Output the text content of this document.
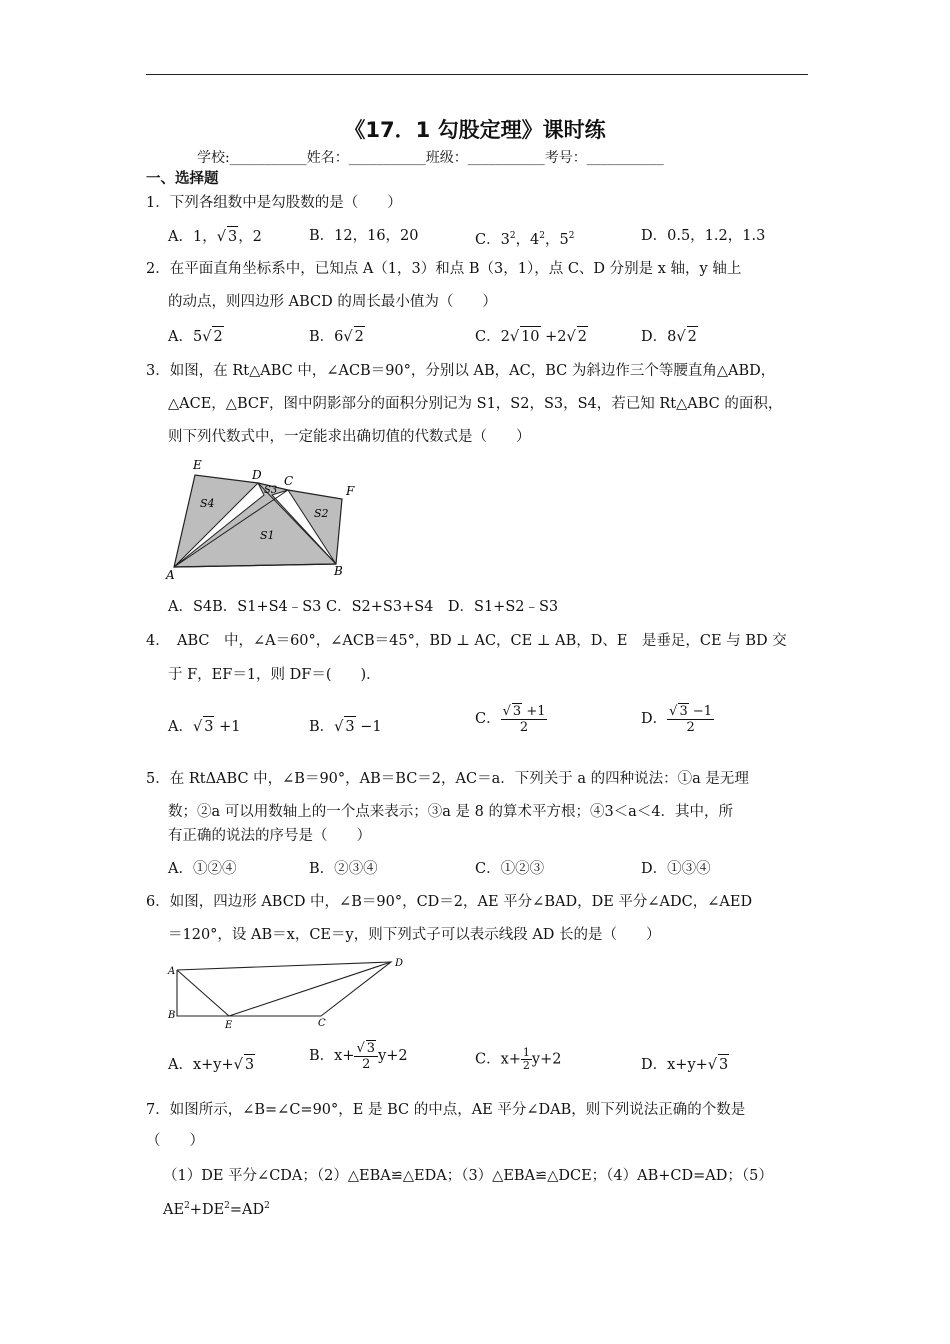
《17．1 勾股定理》课时练
学校:___________姓名：___________班级：___________考号：___________
一、选择题
1．下列各组数中是勾股数的是（　　）
A．1， √ 3，2	B．12，16，20	C．$3^2$，$4^2$，$5^2$	D．0.5，1.2，1.3
2．在平面直角坐标系中，已知点 A（1，3）和点 B（3，1），点 C、D 分别是 x 轴，y 轴上
的动点，则四边形 ABCD 的周长最小值为（　　）
A．5 √ 2	B．6 √ 2	C．2 √ 10 +2 √ 2	D．8 √ 2
3．如图，在 Rt△ABC 中，∠ACB＝90°，分别以 AB，AC，BC 为斜边作三个等腰直角△ABD，
△ACE，△BCF，图中阴影部分的面积分别记为 S1，S2，S3，S4，若已知 Rt△ABC 的面积，
则下列代数式中，一定能求出确切值的代数式是（　　）
E
D C
F
A	B
S4
S3
S2
S1
A．S4B．S1+S4﹣S3 C．S2+S3+S4　D．S1+S2﹣S3
4．　ABC　中，∠A＝60°，∠ACB＝45°，BD ⊥ AC，CE ⊥ AB，D、E　是垂足，CE 与 BD 交
于 F，EF＝1，则 DF＝(　　)．
A． √ 3 +1	B． √ 3 −1	C． √ $\frac{3 +1}{2}$	D． √ $\frac{3 -1}{2}$
5．在 RtΔABC 中，∠B＝90°，AB＝BC＝2，AC＝a．下列关于 a 的四种说法：①a 是无理
数；②a 可以用数轴上的一个点来表示；③a 是 8 的算术平方根；④3＜a＜4．其中，所
有正确的说法的序号是（　　）
A．①②④	B．②③④	C．①②③	D．①③④
6．如图，四边形 ABCD 中，∠B＝90°，CD＝2，AE 平分∠BAD，DE 平分∠ADC，∠AED
＝120°，设 AB＝x，CE＝y，则下列式子可以表示线段 AD 长的是（　　）
A
B
E	C
D
A．x+y+ √ 3
B．x+ √ $\frac{3}{2} y+2$	C．$x+ \frac{1}{2} y+2$	D．x+y+ √ 3
7．如图所示，∠B=∠C=90°，E 是 BC 的中点，AE 平分∠DAB，则下列说法正确的个数是
（　　）
（1）DE 平分∠CDA；（2）△EBA≌△EDA；（3）△EBA≌△DCE；（4）AB+CD=AD；（5）
$AE^2+DE^2=AD^2$
